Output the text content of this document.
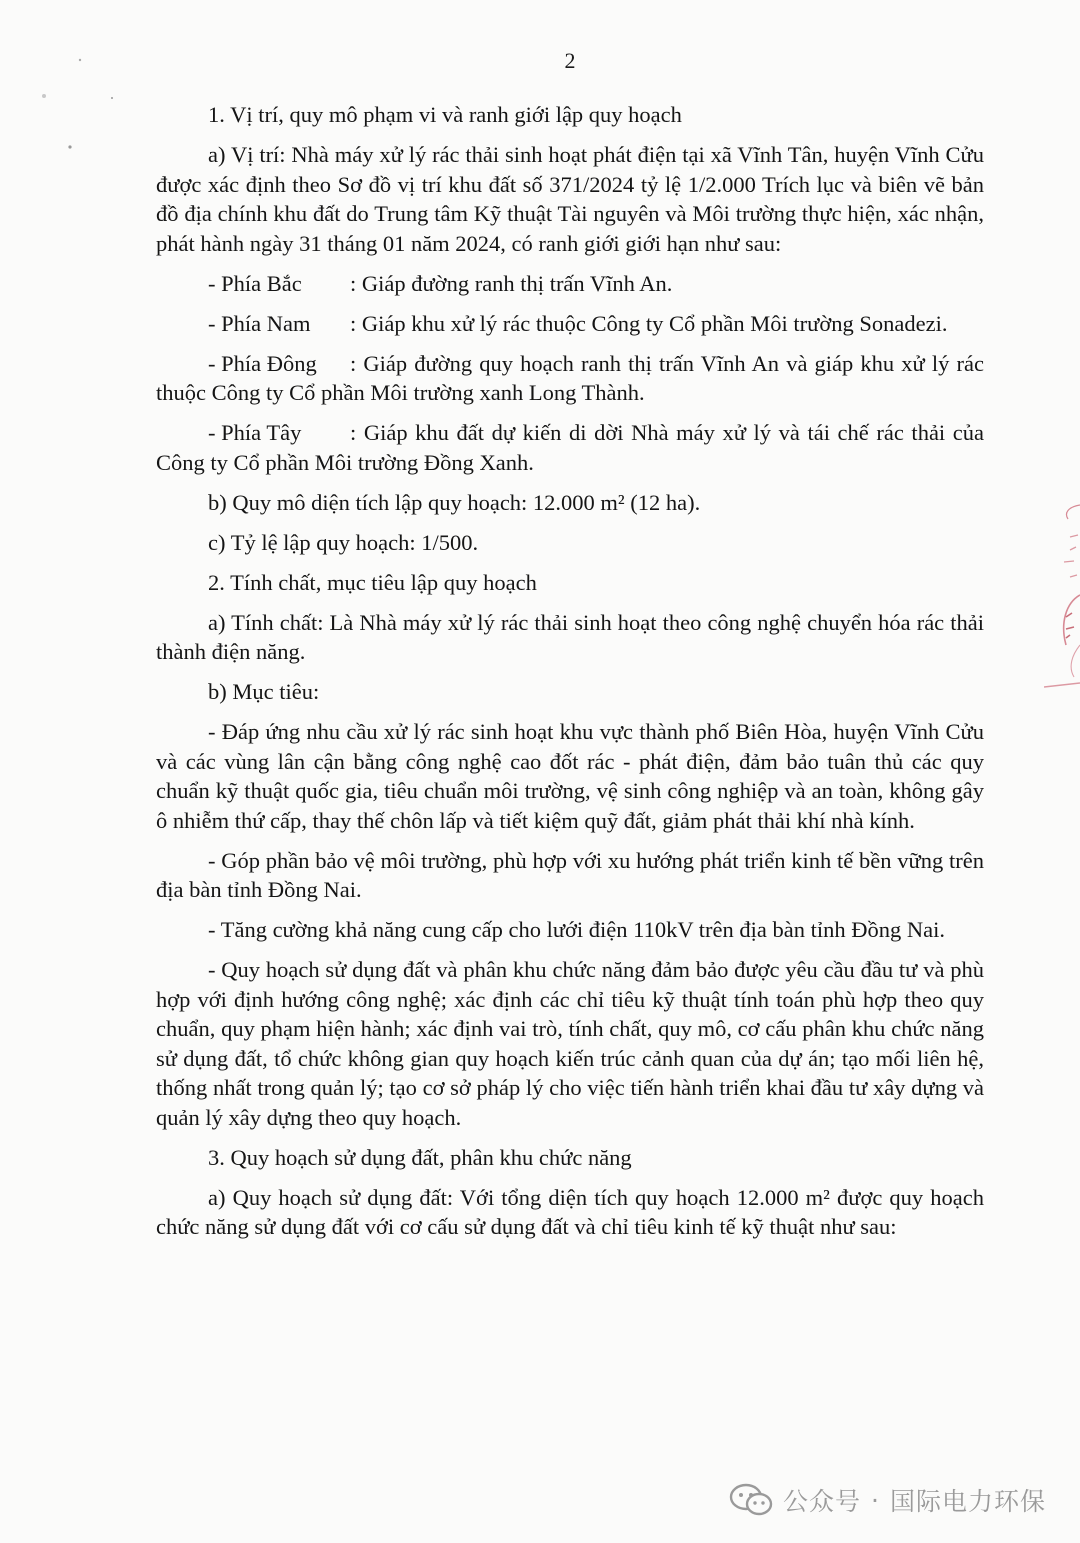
2

1. Vị trí, quy mô phạm vi và ranh giới lập quy hoạch

a) Vị trí: Nhà máy xử lý rác thải sinh hoạt phát điện tại xã Vĩnh Tân, huyện Vĩnh Cửu được xác định theo Sơ đồ vị trí khu đất số 371/2024 tỷ lệ 1/2.000 Trích lục và biên vẽ bản đồ địa chính khu đất do Trung tâm Kỹ thuật Tài nguyên và Môi trường thực hiện, xác nhận, phát hành ngày 31 tháng 01 năm 2024, có ranh giới giới hạn như sau:

- Phía Bắc : Giáp đường ranh thị trấn Vĩnh An.

- Phía Nam : Giáp khu xử lý rác thuộc Công ty Cổ phần Môi trường Sonadezi.

- Phía Đông : Giáp đường quy hoạch ranh thị trấn Vĩnh An và giáp khu xử lý rác thuộc Công ty Cổ phần Môi trường xanh Long Thành.

- Phía Tây : Giáp khu đất dự kiến di dời Nhà máy xử lý và tái chế rác thải của Công ty Cổ phần Môi trường Đồng Xanh.

b) Quy mô diện tích lập quy hoạch: 12.000 m² (12 ha).

c) Tỷ lệ lập quy hoạch: 1/500.

2. Tính chất, mục tiêu lập quy hoạch

a) Tính chất: Là Nhà máy xử lý rác thải sinh hoạt theo công nghệ chuyển hóa rác thải thành điện năng.

b) Mục tiêu:

- Đáp ứng nhu cầu xử lý rác sinh hoạt khu vực thành phố Biên Hòa, huyện Vĩnh Cửu và các vùng lân cận bằng công nghệ cao đốt rác - phát điện, đảm bảo tuân thủ các quy chuẩn kỹ thuật quốc gia, tiêu chuẩn môi trường, vệ sinh công nghiệp và an toàn, không gây ô nhiễm thứ cấp, thay thế chôn lấp và tiết kiệm quỹ đất, giảm phát thải khí nhà kính.

- Góp phần bảo vệ môi trường, phù hợp với xu hướng phát triển kinh tế bền vững trên địa bàn tỉnh Đồng Nai.

- Tăng cường khả năng cung cấp cho lưới điện 110kV trên địa bàn tỉnh Đồng Nai.

- Quy hoạch sử dụng đất và phân khu chức năng đảm bảo được yêu cầu đầu tư và phù hợp với định hướng công nghệ; xác định các chỉ tiêu kỹ thuật tính toán phù hợp theo quy chuẩn, quy phạm hiện hành; xác định vai trò, tính chất, quy mô, cơ cấu phân khu chức năng sử dụng đất, tổ chức không gian quy hoạch kiến trúc cảnh quan của dự án; tạo mối liên hệ, thống nhất trong quản lý; tạo cơ sở pháp lý cho việc tiến hành triển khai đầu tư xây dựng và quản lý xây dựng theo quy hoạch.

3. Quy hoạch sử dụng đất, phân khu chức năng

a) Quy hoạch sử dụng đất: Với tổng diện tích quy hoạch 12.000 m² được quy hoạch chức năng sử dụng đất với cơ cấu sử dụng đất và chỉ tiêu kinh tế kỹ thuật như sau:

公众号 · 国际电力环保
